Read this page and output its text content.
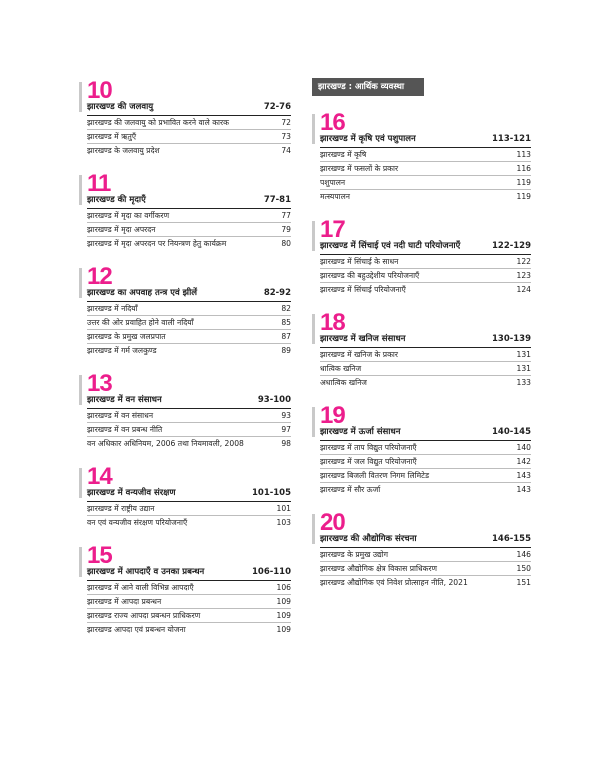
10
झारखण्ड की जलवायु	72-76
झारखण्ड की जलवायु को प्रभावित करने वाले कारक	72
झारखण्ड में ऋतुएँ	73
झारखण्ड के जलवायु प्रदेश	74
11
झारखण्ड की मृदाएँ	77-81
झारखण्ड में मृदा का वर्गीकरण	77
झारखण्ड में मृदा अपरदन	79
झारखण्ड में मृदा अपरदन पर नियन्त्रण हेतु कार्यक्रम	80
12
झारखण्ड का अपवाह तन्त्र एवं झीलें	82-92
झारखण्ड में नदियाँ	82
उत्तर की ओर प्रवाहित होने वाली नदियाँ	85
झारखण्ड के प्रमुख जलप्रपात	87
झारखण्ड में गर्म जलकुण्ड	89
13
झारखण्ड में वन संसाधन	93-100
झारखण्ड में वन संसाधन	93
झारखण्ड में वन प्रबन्ध नीति	97
वन अधिकार अधिनियम, 2006 तथा नियमावली, 2008	98
14
झारखण्ड में वन्यजीव संरक्षण	101-105
झारखण्ड में राष्ट्रीय उद्यान	101
वन एवं वन्यजीव संरक्षण परियोजनाएँ	103
15
झारखण्ड में आपदाएँ व उनका प्रबन्धन	106-110
झारखण्ड में आने वाली विभिन्न आपदाएँ	106
झारखण्ड में आपदा प्रबन्धन	109
झारखण्ड राज्य आपदा प्रबन्धन प्राधिकरण	109
झारखण्ड आपदा एवं प्रबन्धन योजना	109
झारखण्ड : आर्थिक व्यवस्था
16
झारखण्ड में कृषि एवं पशुपालन	113-121
झारखण्ड में कृषि	113
झारखण्ड में फसलों के प्रकार	116
पशुपालन	119
मत्स्यपालन	119
17
झारखण्ड में सिंचाई एवं नदी घाटी परियोजनाएँ	122-129
झारखण्ड में सिंचाई के साधन	122
झारखण्ड की बहुउद्देशीय परियोजनाएँ	123
झारखण्ड में सिंचाई परियोजनाएँ	124
18
झारखण्ड में खनिज संसाधन	130-139
झारखण्ड में खनिज के प्रकार	131
धात्विक खनिज	131
अधात्विक खनिज	133
19
झारखण्ड में ऊर्जा संसाधन	140-145
झारखण्ड में ताप विद्युत परियोजनाएँ	140
झारखण्ड में जल विद्युत परियोजनाएँ	142
झारखण्ड बिजली वितरण निगम लिमिटेड	143
झारखण्ड में सौर ऊर्जा	143
20
झारखण्ड की औद्योगिक संरचना	146-155
झारखण्ड के प्रमुख उद्योग	146
झारखण्ड औद्योगिक क्षेत्र विकास प्राधिकरण	150
झारखण्ड औद्योगिक एवं निवेश प्रोत्साहन नीति, 2021	151
